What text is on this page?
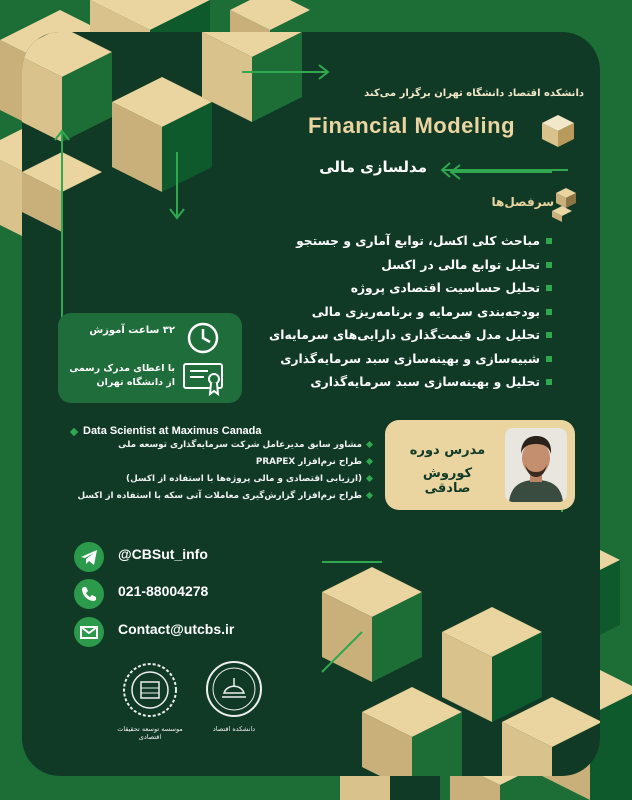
دانشکده اقتصاد دانشگاه تهران برگزار می‌کند
Financial Modeling
مدلسازی مالی
سرفصل‌ها
مباحث کلی اکسل، توابع آماری و جستجو
تحلیل توابع مالی در اکسل
تحلیل حساسیت اقتصادی پروژه
بودجه‌بندی سرمایه و برنامه‌ریزی مالی
تحلیل مدل قیمت‌گذاری دارایی‌های سرمایه‌ای
شبیه‌سازی و بهینه‌سازی سبد سرمایه‌گذاری
تحلیل و بهینه‌سازی سبد سرمایه‌گذاری
۳۲ ساعت آموزش
با اعطای مدرک رسمی
از دانشگاه تهران
Data Scientist at Maximus Canada
مشاور سابق مدیرعامل شرکت سرمایه‌گذاری توسعه ملی
طراح نرم‌افزار PRAPEX
(ارزیابی اقتصادی و مالی پروژه‌ها با استفاده از اکسل)
طراح نرم‌افزار گزارش‌گیری معاملات آتی سکه با استفاده از اکسل
مدرس دوره
کوروش صادقی
@CBSut_info
021-88004278
Contact@utcbs.ir
موسسه توسعه تحقیقات اقتصادی
دانشکده اقتصاد
